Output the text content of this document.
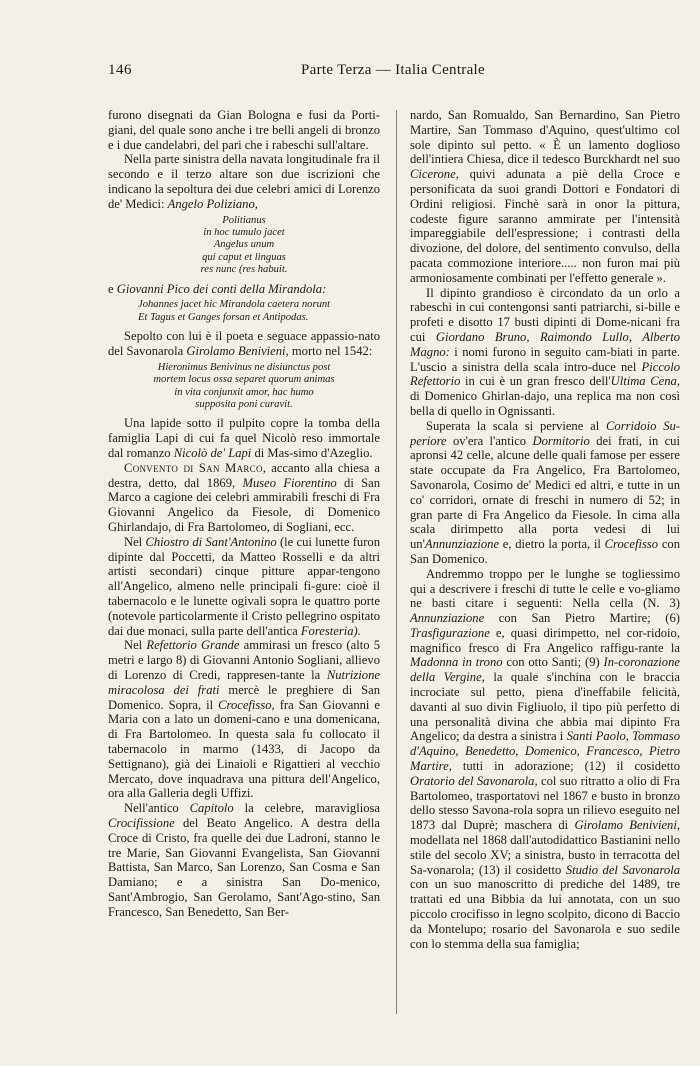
146	Parte Terza — Italia Centrale

furono disegnati da Gian Bologna e fusi da Porti-giani, del quale sono anche i tre belli angeli di bronzo e i due candelabri, del pari che i rabeschi sull'altare.

Nella parte sinistra della navata longitudinale fra il secondo e il terzo altare son due iscrizioni che indicano la sepoltura dei due celebri amici di Lorenzo de' Medici: Angelo Poliziano,

Politianus
in hoc tumulo jacet
Angelus unum
qui caput et linguas
res nunc (res habuit.

e Giovanni Pico dei conti della Mirandola:

Johannes jacet hic Mirandola caetera norunt
Et Tagus et Ganges forsan et Antipodas.

Sepolto con lui è il poeta e seguace appassio-nato del Savonarola Girolamo Benivieni, morto nel 1542:

Hieronimus Benivinus ne disiunctus post
mortem locus ossa separet quorum animas
in vita conjunxit amor, hac humo
supposita poni curavit.

Una lapide sotto il pulpito copre la tomba della famiglia Lapi di cui fa quel Nicolò reso immortale dal romanzo Nicolò de' Lapi di Mas-simo d'Azeglio.

Convento di San Marco, accanto alla chiesa a destra, detto, dal 1869, Museo Fiorentino di San Marco a cagione dei celebri ammirabili freschi di Fra Giovanni Angelico da Fiesole, di Domenico Ghirlandajo, di Fra Bartolomeo, di Sogliani, ecc.

Nel Chiostro di Sant'Antonino (le cui lunette furon dipinte dal Poccetti, da Matteo Rosselli e da altri artisti secondari) cinque pitture appar-tengono all'Angelico, almeno nelle principali fi-gure: cioè il tabernacolo e le lunette ogivali sopra le quattro porte (notevole particolarmente il Cristo pellegrino ospitato dai due monaci, sulla parte dell'antica Foresteria).

Nel Refettorio Grande ammirasi un fresco (alto 5 metri e largo 8) di Giovanni Antonio Sogliani, allievo di Lorenzo di Credi, rappresen-tante la Nutrizione miracolosa dei frati mercè le preghiere di San Domenico. Sopra, il Crocefisso, fra San Giovanni e Maria con a lato un domeni-cano e una domenicana, di Fra Bartolomeo. In questa sala fu collocato il tabernacolo in marmo (1433, di Jacopo da Settignano), già dei Linaioli e Rigattieri al vecchio Mercato, dove inquadrava una pittura dell'Angelico, ora alla Galleria degli Uffizi.

Nell'antico Capitolo la celebre, maravigliosa Crocifissione del Beato Angelico. A destra della Croce di Cristo, fra quelle dei due Ladroni, stanno le tre Marie, San Giovanni Evangelista, San Giovanni Battista, San Marco, San Lorenzo, San Cosma e San Damiano; e a sinistra San Do-menico, Sant'Ambrogio, San Gerolamo, Sant'Ago-stino, San Francesco, San Benedetto, San Ber-

nardo, San Romualdo, San Bernardino, San Pietro Martire, San Tommaso d'Aquino, quest'ultimo col sole dipinto sul petto. « È un lamento doglioso dell'intiera Chiesa, dice il tedesco Burckhardt nel suo Cicerone, quivi adunata a piè della Croce e personificata da suoi grandi Dottori e Fondatori di Ordini religiosi. Finchè sarà in onor la pittura, codeste figure saranno ammirate per l'intensità impareggiabile dell'espressione; i contrasti della divozione, del dolore, del sentimento convulso, della pacata commozione interiore..... non furon mai più armoniosamente combinati per l'effetto generale ».

Il dipinto grandioso è circondato da un orlo a rabeschi in cui contengonsi santi patriarchi, si-bille e profeti e disotto 17 busti dipinti di Dome-nicani fra cui Giordano Bruno, Raimondo Lullo, Alberto Magno: i nomi furono in seguito cam-biati in parte. L'uscio a sinistra della scala intro-duce nel Piccolo Refettorio in cui è un gran fresco dell'Ultima Cena, di Domenico Ghirlan-dajo, una replica ma non così bella di quello in Ognissanti.

Superata la scala si perviene al Corridoio Su-periore ov'era l'antico Dormitorio dei frati, in cui apronsi 42 celle, alcune delle quali famose per essere state occupate da Fra Angelico, Fra Bartolomeo, Savonarola, Cosimo de' Medici ed altri, e tutte in un co' corridori, ornate di freschi in numero di 52; in gran parte di Fra Angelico da Fiesole. In cima alla scala dirimpetto alla porta vedesi di lui un'Annunziazione e, dietro la porta, il Crocefisso con San Domenico.

Andremmo troppo per le lunghe se togliessimo qui a descrivere i freschi di tutte le celle e vo-gliamo ne basti citare i seguenti: Nella cella (N. 3) Annunziazione con San Pietro Martire; (6) Trasfigurazione e, quasi dirimpetto, nel cor-ridoio, magnifico fresco di Fra Angelico raffigu-rante la Madonna in trono con otto Santi; (9) In-coronazione della Vergine, la quale s'inchina con le braccia incrociate sul petto, piena d'ineffabile felicità, davanti al suo divin Figliuolo, il tipo più perfetto di una personalità divina che abbia mai dipinto Fra Angelico; da destra a sinistra i Santi Paolo, Tommaso d'Aquino, Benedetto, Domenico, Francesco, Pietro Martire, tutti in adorazione; (12) il cosidetto Oratorio del Savonarola, col suo ritratto a olio di Fra Bartolomeo, trasportatovi nel 1867 e busto in bronzo dello stesso Savona-rola sopra un rilievo eseguito nel 1873 dal Duprè; maschera di Girolamo Benivieni, modellata nel 1868 dall'autodidattico Bastianini nello stile del secolo XV; a sinistra, busto in terracotta del Sa-vonarola; (13) il cosidetto Studio del Savonarola con un suo manoscritto di prediche del 1489, tre trattati ed una Bibbia da lui annotata, con un suo piccolo crocifisso in legno scolpito, dicono di Baccio da Montelupo; rosario del Savonarola e suo sedile con lo stemma della sua famiglia;
